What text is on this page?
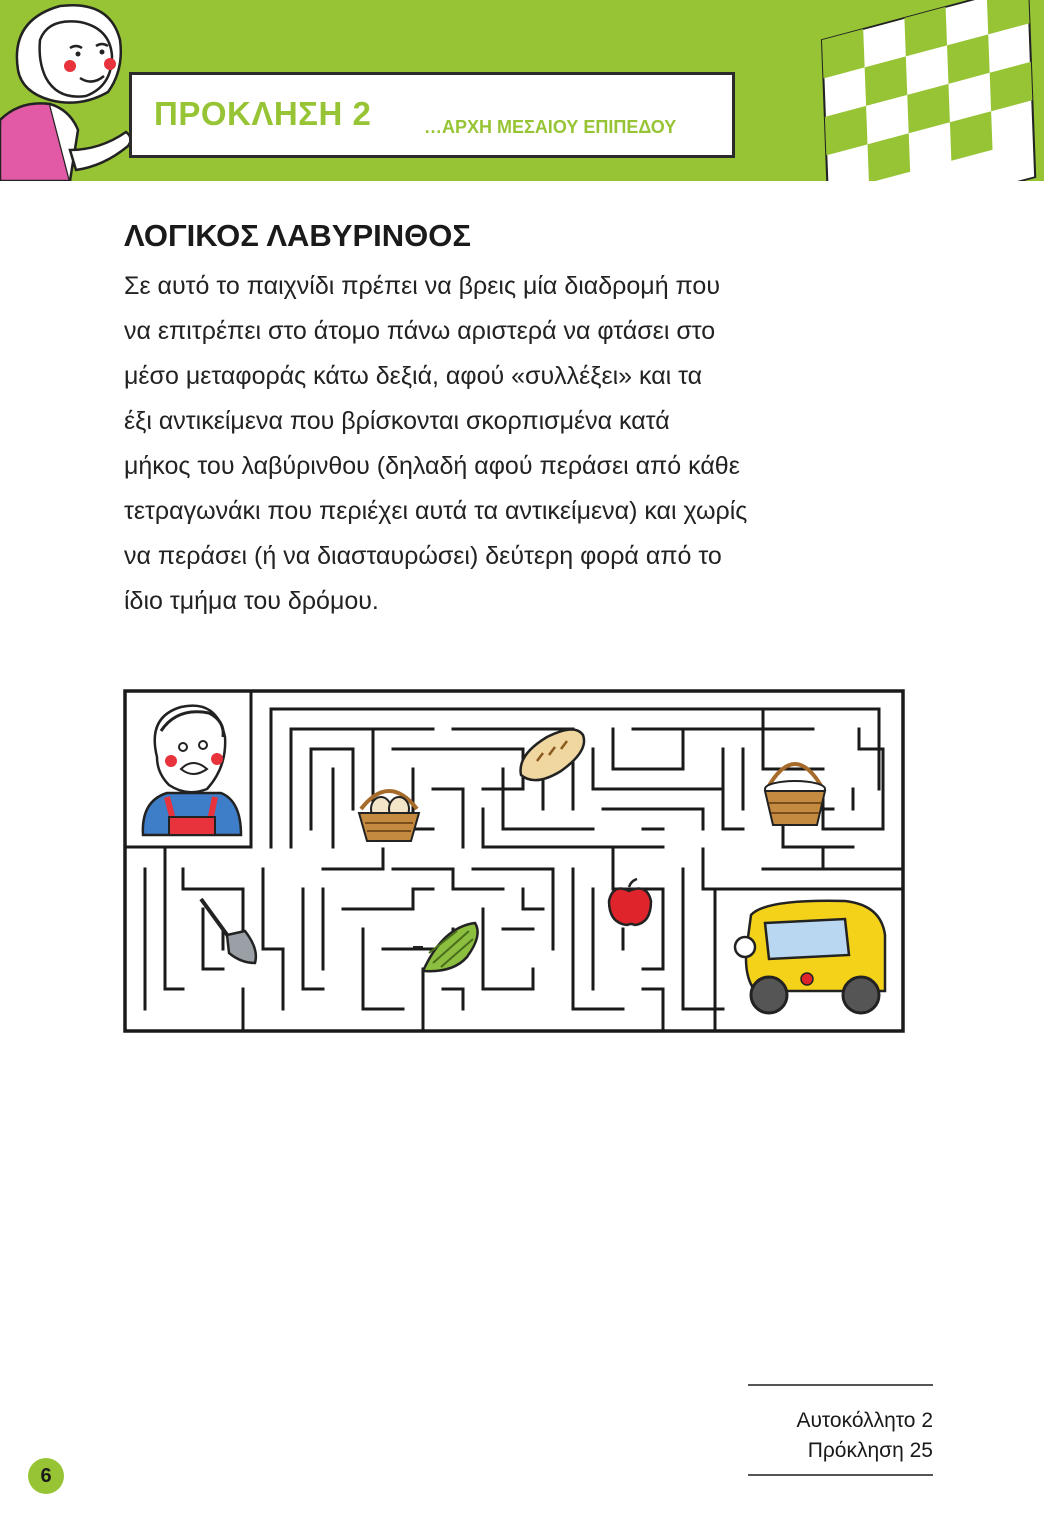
ΠΡΟΚΛΗΣΗ 2	…ΑΡΧΗ ΜΕΣΑΙΟΥ ΕΠΙΠΕΔΟΥ
ΛΟΓΙΚΟΣ ΛΑΒΥΡΙΝΘΟΣ
Σε αυτό το παιχνίδι πρέπει να βρεις μία διαδρομή που
να επιτρέπει στο άτομο πάνω αριστερά να φτάσει στο
μέσο μεταφοράς κάτω δεξιά, αφού «συλλέξει» και τα
έξι αντικείμενα που βρίσκονται σκορπισμένα κατά
μήκος του λαβύρινθου (δηλαδή αφού περάσει από κάθε
τετραγωνάκι που περιέχει αυτά τα αντικείμενα) και χωρίς
να περάσει (ή να διασταυρώσει) δεύτερη φορά από το
ίδιο τμήμα του δρόμου.
Αυτοκόλλητο 2
Πρόκληση 25
6
